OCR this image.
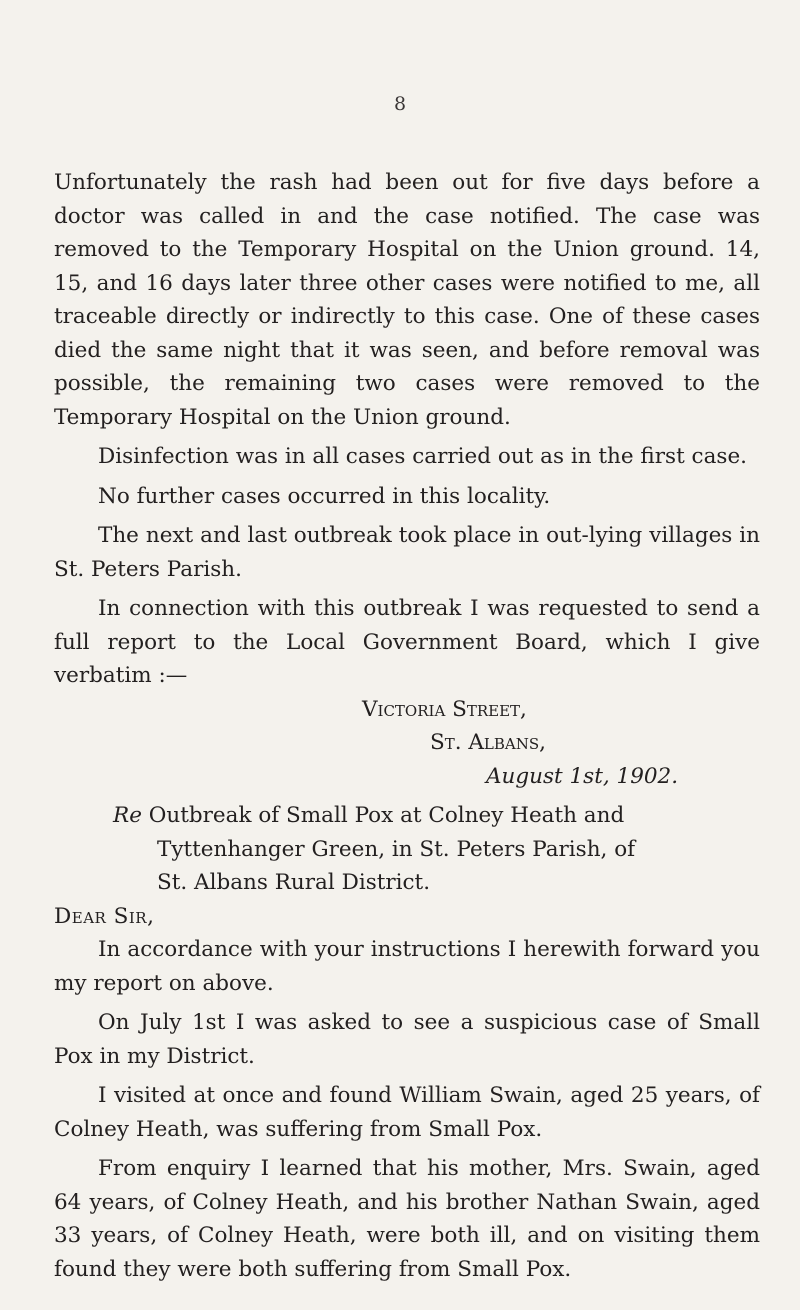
8

Unfortunately the rash had been out for five days before a doctor was called in and the case notified. The case was removed to the Temporary Hospital on the Union ground. 14, 15, and 16 days later three other cases were notified to me, all traceable directly or indirectly to this case. One of these cases died the same night that it was seen, and before removal was possible, the remaining two cases were removed to the Temporary Hospital on the Union ground.

Disinfection was in all cases carried out as in the first case.

No further cases occurred in this locality.

The next and last outbreak took place in out-lying villages in St. Peters Parish.

In connection with this outbreak I was requested to send a full report to the Local Government Board, which I give verbatim :—

Victoria Street,
St. Albans,
August 1st, 1902.
Re Outbreak of Small Pox at Colney Heath and
Tyttenhanger Green, in St. Peters Parish, of
St. Albans Rural District.
Dear Sir,

In accordance with your instructions I herewith forward you my report on above.

On July 1st I was asked to see a suspicious case of Small Pox in my District.

I visited at once and found William Swain, aged 25 years, of Colney Heath, was suffering from Small Pox.

From enquiry I learned that his mother, Mrs. Swain, aged 64 years, of Colney Heath, and his brother Nathan Swain, aged 33 years, of Colney Heath, were both ill, and on visiting them found they were both suffering from Small Pox.
